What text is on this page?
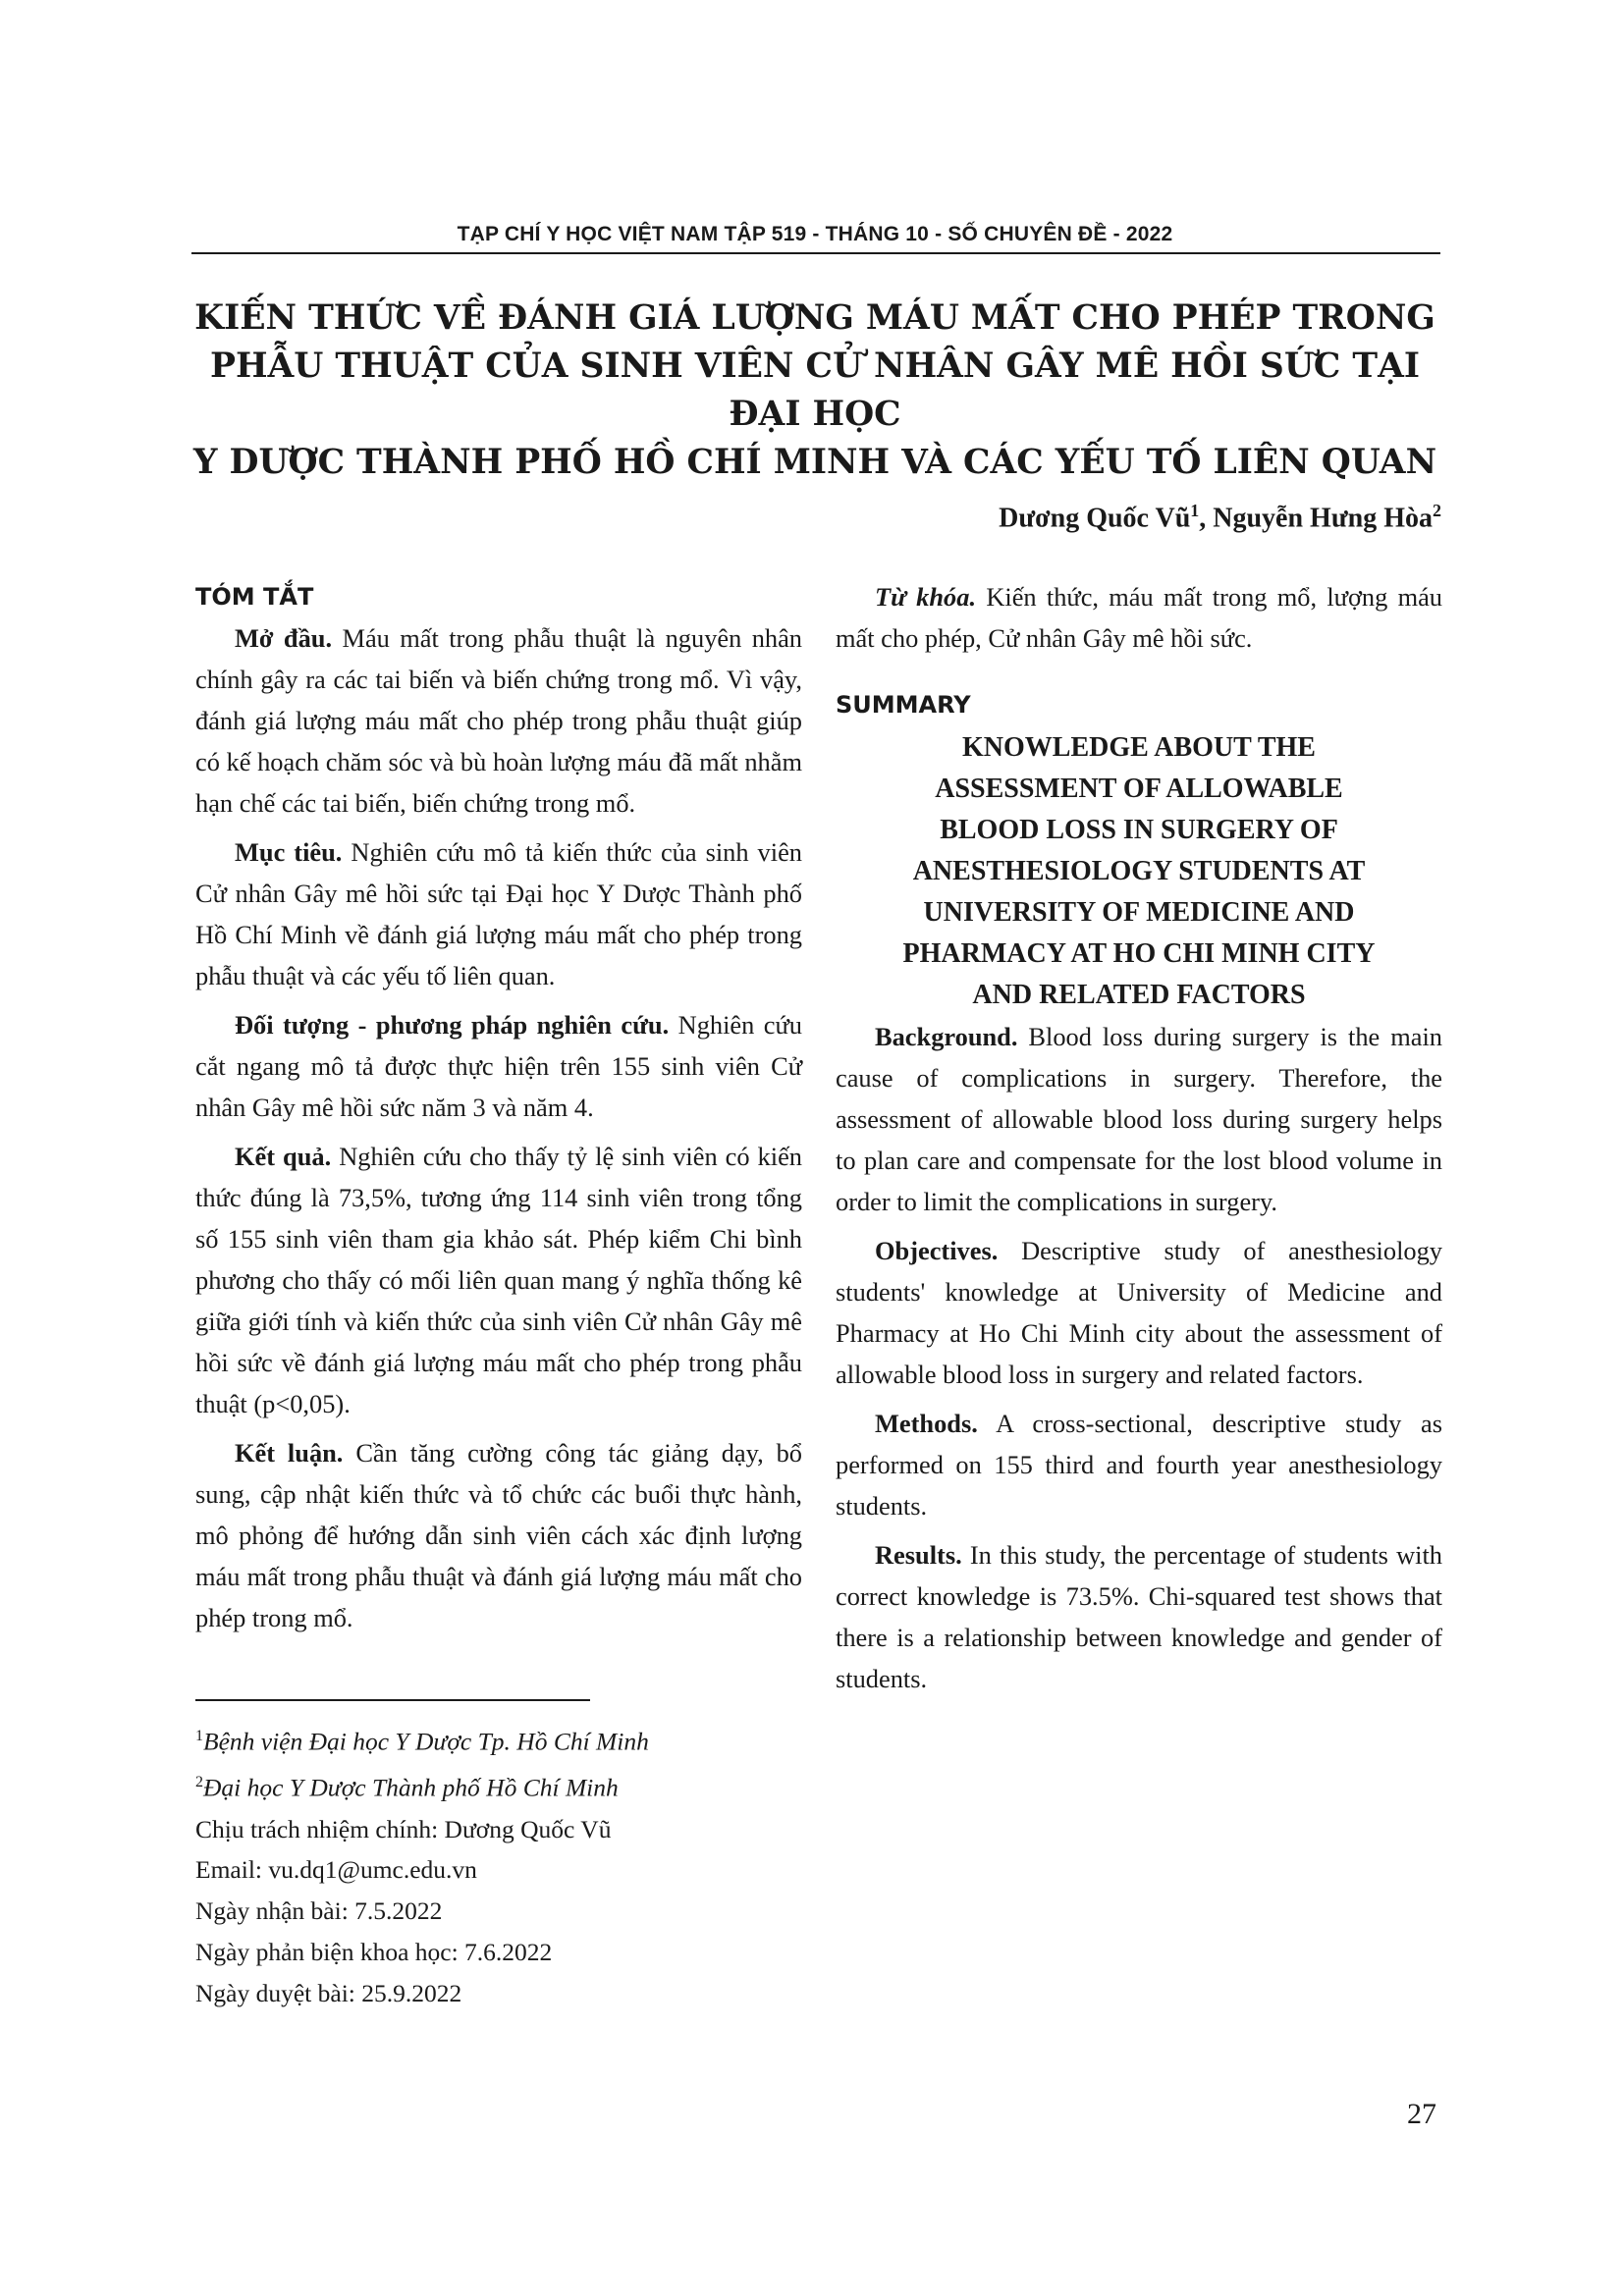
TẠP CHÍ Y HỌC VIỆT NAM TẬP 519 - THÁNG 10 - SỐ CHUYÊN ĐỀ - 2022
KIẾN THỨC VỀ ĐÁNH GIÁ LƯỢNG MÁU MẤT CHO PHÉP TRONG
PHẪU THUẬT CỦA SINH VIÊN CỬ NHÂN GÂY MÊ HỒI SỨC TẠI ĐẠI HỌC
Y DƯỢC THÀNH PHỐ HỒ CHÍ MINH VÀ CÁC YẾU TỐ LIÊN QUAN
Dương Quốc $Vũ^1$, Nguyễn Hưng Hòa$^2$
TÓM TẮT

Mở đầu. Máu mất trong phẫu thuật là nguyên nhân chính gây ra các tai biến và biến chứng trong mổ. Vì vậy, đánh giá lượng máu mất cho phép trong phẫu thuật giúp có kế hoạch chăm sóc và bù hoàn lượng máu đã mất nhằm hạn chế các tai biến, biến chứng trong mổ.

Mục tiêu. Nghiên cứu mô tả kiến thức của sinh viên Cử nhân Gây mê hồi sức tại Đại học Y Dược Thành phố Hồ Chí Minh về đánh giá lượng máu mất cho phép trong phẫu thuật và các yếu tố liên quan.

Đối tượng - phương pháp nghiên cứu. Nghiên cứu cắt ngang mô tả được thực hiện trên 155 sinh viên Cử nhân Gây mê hồi sức năm 3 và năm 4.

Kết quả. Nghiên cứu cho thấy tỷ lệ sinh viên có kiến thức đúng là 73,5%, tương ứng 114 sinh viên trong tổng số 155 sinh viên tham gia khảo sát. Phép kiểm Chi bình phương cho thấy có mối liên quan mang ý nghĩa thống kê giữa giới tính và kiến thức của sinh viên Cử nhân Gây mê hồi sức về đánh giá lượng máu mất cho phép trong phẫu thuật (p<0,05).

Kết luận. Cần tăng cường công tác giảng dạy, bổ sung, cập nhật kiến thức và tổ chức các buổi thực hành, mô phỏng để hướng dẫn sinh viên cách xác định lượng máu mất trong phẫu thuật và đánh giá lượng máu mất cho phép trong mổ.

Từ khóa. Kiến thức, máu mất trong mổ, lượng máu mất cho phép, Cử nhân Gây mê hồi sức.

SUMMARY
KNOWLEDGE ABOUT THE
ASSESSMENT OF ALLOWABLE
BLOOD LOSS IN SURGERY OF
ANESTHESIOLOGY STUDENTS AT
UNIVERSITY OF MEDICINE AND
PHARMACY AT HO CHI MINH CITY
AND RELATED FACTORS

Background. Blood loss during surgery is the main cause of complications in surgery. Therefore, the assessment of allowable blood loss during surgery helps to plan care and compensate for the lost blood volume in order to limit the complications in surgery.

Objectives. Descriptive study of anesthesiology students' knowledge at University of Medicine and Pharmacy at Ho Chi Minh city about the assessment of allowable blood loss in surgery and related factors.

Methods. A cross-sectional, descriptive study as performed on 155 third and fourth year anesthesiology students.

Results. In this study, the percentage of students with correct knowledge is 73.5%. Chi-squared test shows that there is a relationship between knowledge and gender of students.

$^1$Bệnh viện Đại học Y Dược Tp. Hồ Chí Minh
$^2$Đại học Y Dược Thành phố Hồ Chí Minh
Chịu trách nhiệm chính: Dương Quốc Vũ
Email: vu.dq1@umc.edu.vn
Ngày nhận bài: 7.5.2022
Ngày phản biện khoa học: 7.6.2022
Ngày duyệt bài: 25.9.2022
27
